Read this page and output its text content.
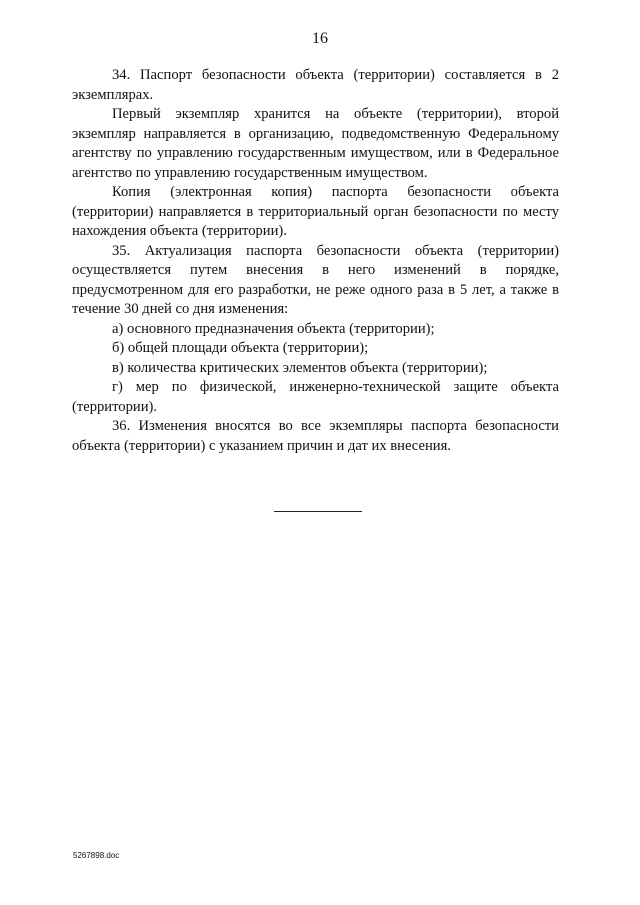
16

34. Паспорт безопасности объекта (территории) составляется в 2 экземплярах.

Первый экземпляр хранится на объекте (территории), второй экземпляр направляется в организацию, подведомственную Федеральному агентству по управлению государственным имуществом, или в Федеральное агентство по управлению государственным имуществом.

Копия (электронная копия) паспорта безопасности объекта (территории) направляется в территориальный орган безопасности по месту нахождения объекта (территории).

35. Актуализация паспорта безопасности объекта (территории) осуществляется путем внесения в него изменений в порядке, предусмотренном для его разработки, не реже одного раза в 5 лет, а также в течение 30 дней со дня изменения:

а) основного предназначения объекта (территории);

б) общей площади объекта (территории);

в) количества критических элементов объекта (территории);

г) мер по физической, инженерно-технической защите объекта (территории).

36. Изменения вносятся во все экземпляры паспорта безопасности объекта (территории) с указанием причин и дат их внесения.

5267898.doc
